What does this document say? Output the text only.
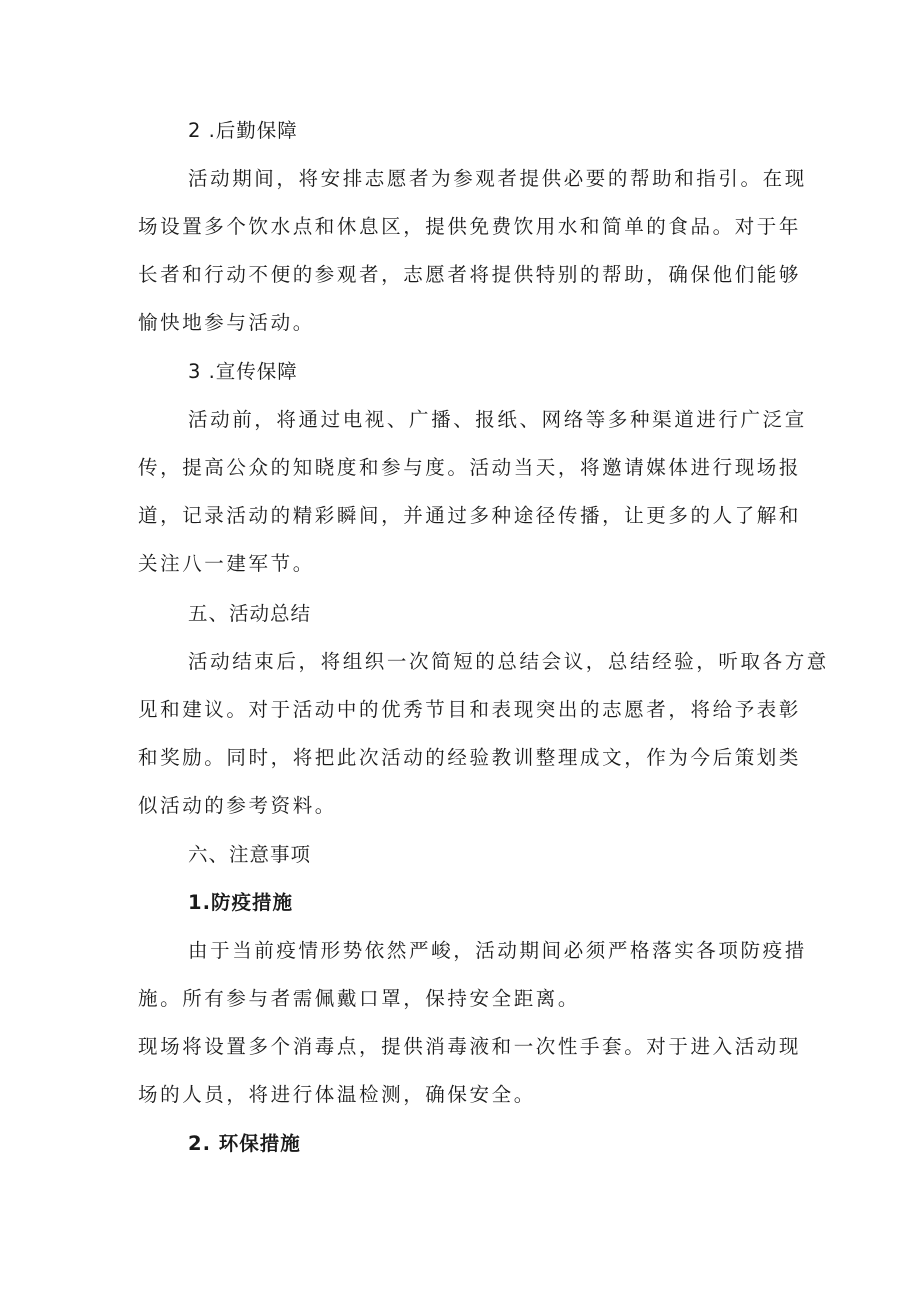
2 .后勤保障
活动期间，将安排志愿者为参观者提供必要的帮助和指引。在现
场设置多个饮水点和休息区，提供免费饮用水和简单的食品。对于年
长者和行动不便的参观者，志愿者将提供特别的帮助，确保他们能够
愉快地参与活动。
3 .宣传保障
活动前，将通过电视、广播、报纸、网络等多种渠道进行广泛宣
传，提高公众的知晓度和参与度。活动当天，将邀请媒体进行现场报
道，记录活动的精彩瞬间，并通过多种途径传播，让更多的人了解和
关注八一建军节。
五、活动总结
活动结束后，将组织一次简短的总结会议，总结经验，听取各方意
见和建议。对于活动中的优秀节目和表现突出的志愿者，将给予表彰
和奖励。同时，将把此次活动的经验教训整理成文，作为今后策划类
似活动的参考资料。
六、注意事项
1.防疫措施
由于当前疫情形势依然严峻，活动期间必须严格落实各项防疫措
施。所有参与者需佩戴口罩，保持安全距离。
现场将设置多个消毒点，提供消毒液和一次性手套。对于进入活动现
场的人员，将进行体温检测，确保安全。
2. 环保措施
